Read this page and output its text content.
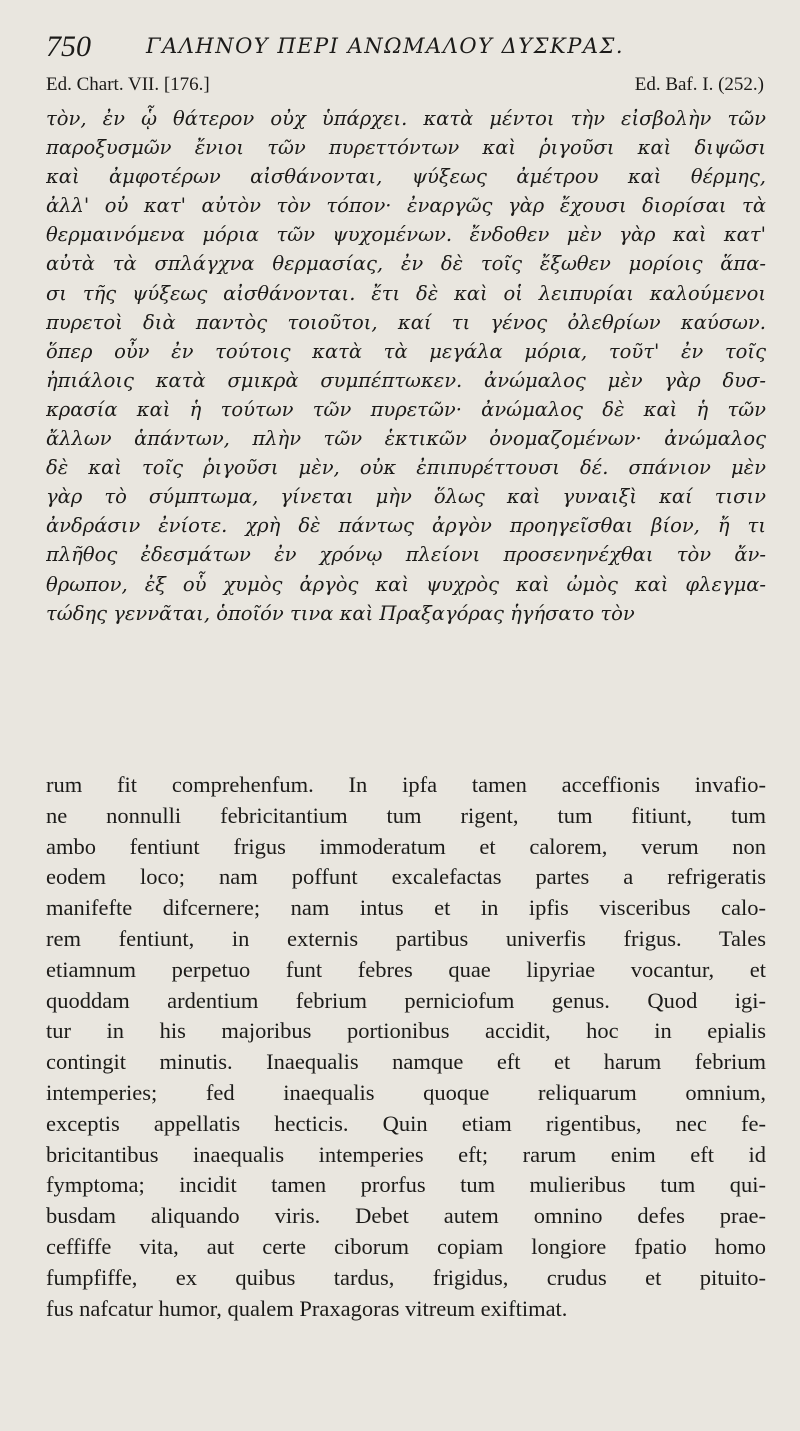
750	ΓΑΛΗΝΟΥ ΠΕΡΙ ΑΝΩΜΑΛΟΥ ΔΥΣΚΡΑΣ.
Ed. Chart. VII. [176.]	Ed. Baf. I. (252.)
τὸν, ἐν ᾧ θάτερον οὐχ ὑπάρχει. κατὰ μέντοι τὴν εἰσβολὴν τῶν
παροξυσμῶν ἔνιοι τῶν πυρεττόντων καὶ ῥιγοῦσι καὶ διψῶσι
καὶ ἀμφοτέρων αἰσθάνονται, ψύξεως ἀμέτρου καὶ θέρμης,
ἀλλ' οὐ κατ' αὐτὸν τὸν τόπον· ἐναργῶς γὰρ ἔχουσι διορίσαι τὰ
θερμαινόμενα μόρια τῶν ψυχομένων. ἔνδοθεν μὲν γὰρ καὶ κατ'
αὐτὰ τὰ σπλάγχνα θερμασίας, ἐν δὲ τοῖς ἔξωθεν μορίοις ἅπα-
σι τῆς ψύξεως αἰσθάνονται. ἔτι δὲ καὶ οἱ λειπυρίαι καλούμενοι
πυρετοὶ διὰ παντὸς τοιοῦτοι, καί τι γένος ὀλεθρίων καύσων.
ὅπερ οὖν ἐν τούτοις κατὰ τὰ μεγάλα μόρια, τοῦτ' ἐν τοῖς
ἠπιάλοις κατὰ σμικρὰ συμπέπτωκεν. ἀνώμαλος μὲν γὰρ δυσ-
κρασία καὶ ἡ τούτων τῶν πυρετῶν· ἀνώμαλος δὲ καὶ ἡ τῶν
ἄλλων ἁπάντων, πλὴν τῶν ἑκτικῶν ὀνομαζομένων· ἀνώμαλος
δὲ καὶ τοῖς ῥιγοῦσι μὲν, οὐκ ἐπιπυρέττουσι δέ. σπάνιον μὲν
γὰρ τὸ σύμπτωμα, γίνεται μὴν ὅλως καὶ γυναιξὶ καί τισιν
ἀνδράσιν ἐνίοτε. χρὴ δὲ πάντως ἀργὸν προηγεῖσθαι βίον, ἤ τι
πλῆθος ἐδεσμάτων ἐν χρόνῳ πλείονι προσενηνέχθαι τὸν ἄν-
θρωπον, ἐξ οὗ χυμὸς ἀργὸς καὶ ψυχρὸς καὶ ὠμὸς καὶ φλεγμα-
τώδης γεννᾶται, ὁποῖόν τινα καὶ Πραξαγόρας ἡγήσατο τὸν
rum fit comprehenfum. In ipfa tamen acceffionis invafio-
ne nonnulli febricitantium tum rigent, tum fitiunt, tum
ambo fentiunt frigus immoderatum et calorem, verum non
eodem loco; nam poffunt excalefactas partes a refrigeratis
manifefte difcernere; nam intus et in ipfis visceribus calo-
rem fentiunt, in externis partibus univerfis frigus. Tales
etiamnum perpetuo funt febres quae lipyriae vocantur, et
quoddam ardentium febrium perniciofum genus. Quod igi-
tur in his majoribus portionibus accidit, hoc in epialis
contingit minutis. Inaequalis namque eft et harum febrium
intemperies; fed inaequalis quoque reliquarum omnium,
exceptis appellatis hecticis. Quin etiam rigentibus, nec fe-
bricitantibus inaequalis intemperies eft; rarum enim eft id
fymptoma; incidit tamen prorfus tum mulieribus tum qui-
busdam aliquando viris. Debet autem omnino defes prae-
ceffiffe vita, aut certe ciborum copiam longiore fpatio homo
fumpfiffe, ex quibus tardus, frigidus, crudus et pituito-
fus nafcatur humor, qualem Praxagoras vitreum exiftimat.
